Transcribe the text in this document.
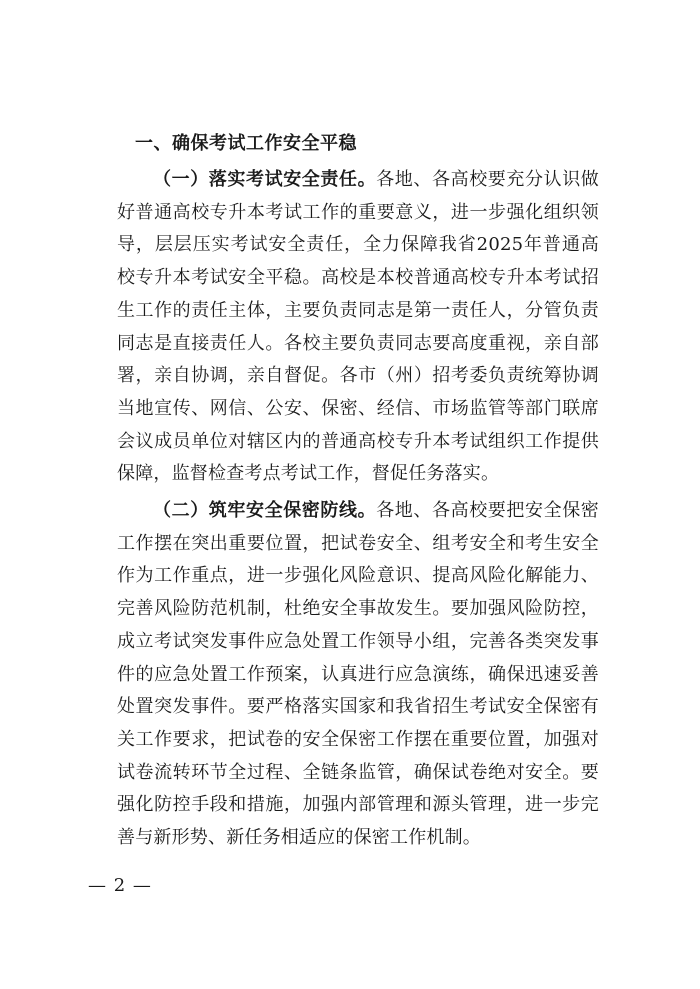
一、确保考试工作安全平稳

（一）落实考试安全责任。各地、各高校要充分认识做好普通高校专升本考试工作的重要意义，进一步强化组织领导，层层压实考试安全责任，全力保障我省2025年普通高校专升本考试安全平稳。高校是本校普通高校专升本考试招生工作的责任主体，主要负责同志是第一责任人，分管负责同志是直接责任人。各校主要负责同志要高度重视，亲自部署，亲自协调，亲自督促。各市（州）招考委负责统筹协调当地宣传、网信、公安、保密、经信、市场监管等部门联席会议成员单位对辖区内的普通高校专升本考试组织工作提供保障，监督检查考点考试工作，督促任务落实。

（二）筑牢安全保密防线。各地、各高校要把安全保密工作摆在突出重要位置，把试卷安全、组考安全和考生安全作为工作重点，进一步强化风险意识、提高风险化解能力、完善风险防范机制，杜绝安全事故发生。要加强风险防控，成立考试突发事件应急处置工作领导小组，完善各类突发事件的应急处置工作预案，认真进行应急演练，确保迅速妥善处置突发事件。要严格落实国家和我省招生考试安全保密有关工作要求，把试卷的安全保密工作摆在重要位置，加强对试卷流转环节全过程、全链条监管，确保试卷绝对安全。要强化防控手段和措施，加强内部管理和源头管理，进一步完善与新形势、新任务相适应的保密工作机制。

— 2 —
